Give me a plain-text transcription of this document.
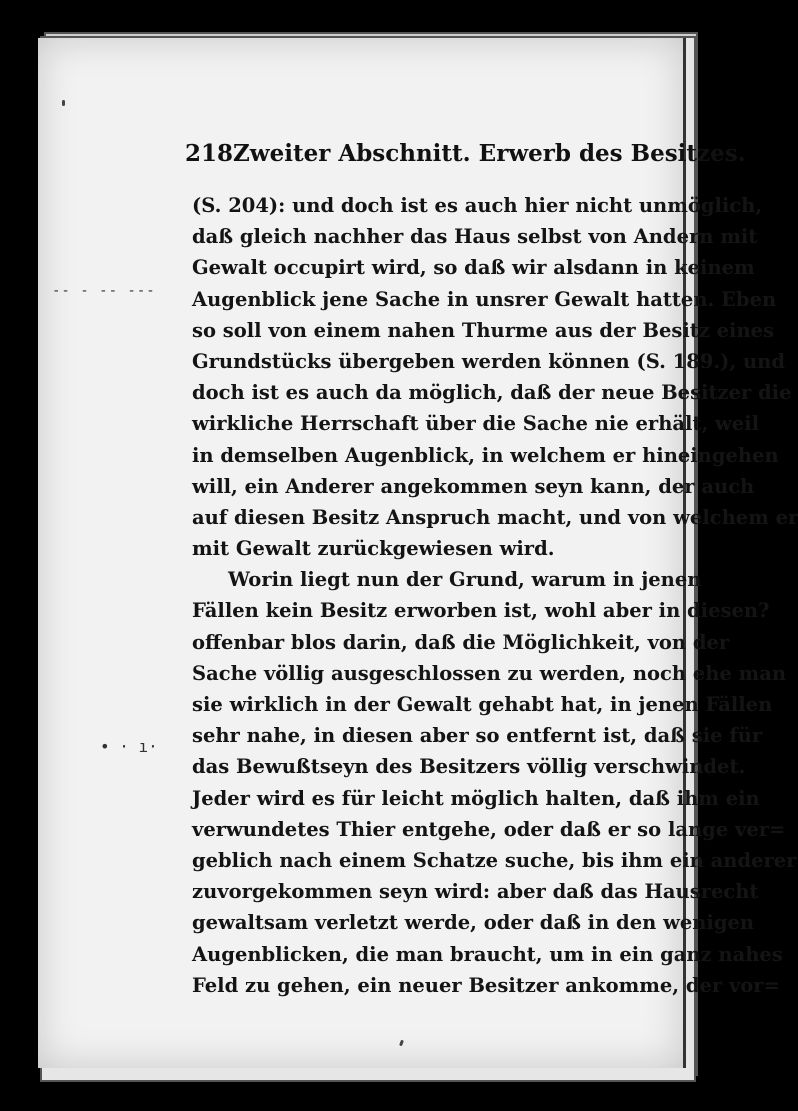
-- - -- ---
• · ı·
218 Zweiter Abschnitt. Erwerb des Besitzes.
(S. 204): und doch ist es auch hier nicht unmöglich,
daß gleich nachher das Haus selbst von Andern mit
Gewalt occupirt wird, so daß wir alsdann in keinem
Augenblick jene Sache in unsrer Gewalt hatten. Eben
so soll von einem nahen Thurme aus der Besitz eines
Grundstücks übergeben werden können (S. 189.), und
doch ist es auch da möglich, daß der neue Besitzer die
wirkliche Herrschaft über die Sache nie erhält, weil
in demselben Augenblick, in welchem er hineingehen
will, ein Anderer angekommen seyn kann, der auch
auf diesen Besitz Anspruch macht, und von welchem er
mit Gewalt zurückgewiesen wird.
Worin liegt nun der Grund, warum in jenen
Fällen kein Besitz erworben ist, wohl aber in diesen?
offenbar blos darin, daß die Möglichkeit, von der
Sache völlig ausgeschlossen zu werden, noch ehe man
sie wirklich in der Gewalt gehabt hat, in jenen Fällen
sehr nahe, in diesen aber so entfernt ist, daß sie für
das Bewußtseyn des Besitzers völlig verschwindet.
Jeder wird es für leicht möglich halten, daß ihm ein
verwundetes Thier entgehe, oder daß er so lange ver=
geblich nach einem Schatze suche, bis ihm ein anderer
zuvorgekommen seyn wird: aber daß das Hausrecht
gewaltsam verletzt werde, oder daß in den wenigen
Augenblicken, die man braucht, um in ein ganz nahes
Feld zu gehen, ein neuer Besitzer ankomme, der vor=
